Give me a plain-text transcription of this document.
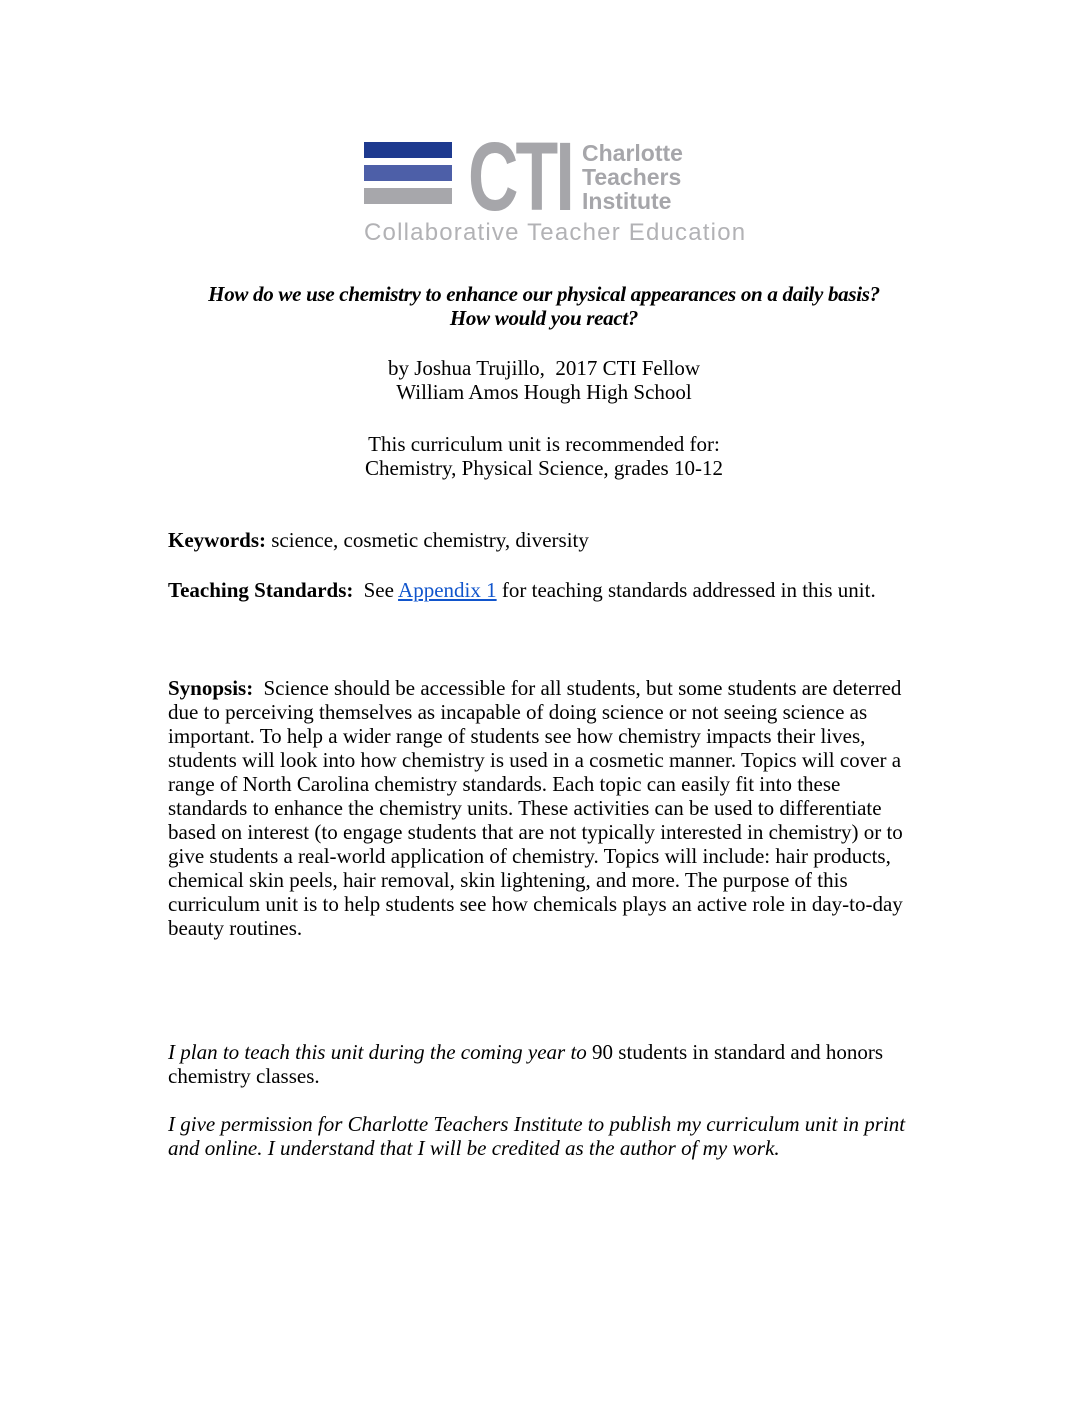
CTI Charlotte
Teachers
Institute
Collaborative Teacher Education
How do we use chemistry to enhance our physical appearances on a daily basis?
How would you react?

by Joshua Trujillo,  2017 CTI Fellow

William Amos Hough High School

This curriculum unit is recommended for:

Chemistry, Physical Science, grades 10-12

Keywords: science, cosmetic chemistry, diversity

Teaching Standards: See Appendix 1 for teaching standards addressed in this unit.

Synopsis: Science should be accessible for all students, but some students are deterred due to perceiving themselves as incapable of doing science or not seeing science as important. To help a wider range of students see how chemistry impacts their lives, students will look into how chemistry is used in a cosmetic manner. Topics will cover a range of North Carolina chemistry standards. Each topic can easily fit into these standards to enhance the chemistry units. These activities can be used to differentiate based on interest (to engage students that are not typically interested in chemistry) or to give students a real-world application of chemistry. Topics will include: hair products, chemical skin peels, hair removal, skin lightening, and more. The purpose of this curriculum unit is to help students see how chemicals plays an active role in day-to-day beauty routines.

I plan to teach this unit during the coming year to 90 students in standard and honors chemistry classes.

I give permission for Charlotte Teachers Institute to publish my curriculum unit in print and online. I understand that I will be credited as the author of my work.
